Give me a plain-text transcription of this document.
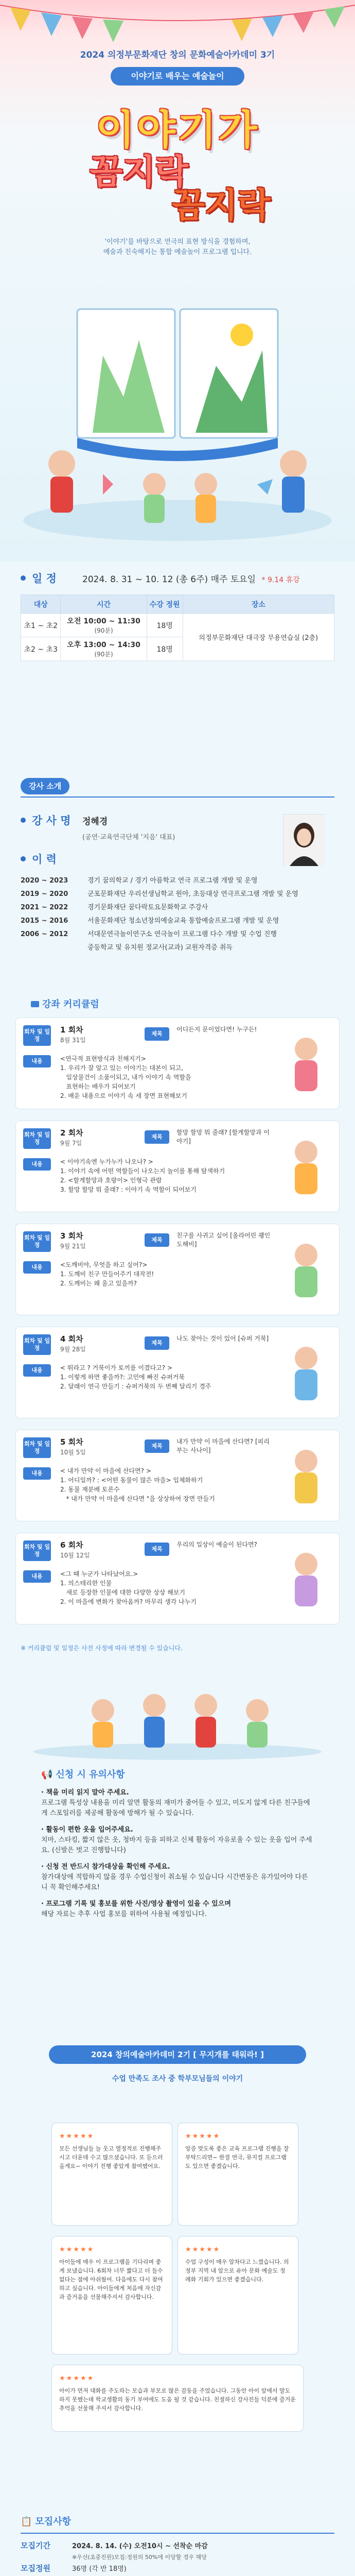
2024 의정부문화재단 창의 문화예술아카데미 3기
이야기로 배우는 예술놀이
이야기가
꼼지락
꼼지락
'이야기'를 바탕으로 연극의 표현 방식을 경험하며,
예술과 친숙해지는 통합 예술놀이 프로그램 입니다.
일 정	2024. 8. 31 ~ 10. 12 (총 6주) 매주 토요일 * 9.14 휴강
대상	시간	수강 정원	장소
초1 ~ 초2	오전 10:00 ~ 11:30
(90분)	18명	의정부문화재단 대극장 무용연습실 (2층)
초2 ~ 초3	오후 13:00 ~ 14:30
(90분)	18명	
강사 소개
강 사 명 정혜경
(공연·교육연극단체 '지음' 대표)
이 력
2020 ~ 2023	경기 꿈의학교 / 경기 아름학교 연극 프로그램 개발 및 운영
2019 ~ 2020	군포문화재단 우리선생님학교 원아, 초등대상 연극프로그램 개발 및 운영
2021 ~ 2022	경기문화재단 꿈다락토요문화학교 주강사
2015 ~ 2016	서울문화재단 청소년창의예술교육 통합예술프로그램 개발 및 운영
2006 ~ 2012	서대문연극놀이연구소 연극놀이 프로그램 다수 개발 및 수업 진행
중등학교 및 유치원 정교사(교과) 교원자격증 취득
강좌 커리큘럼
회차 및 일정
1 회차
8월 31일
제목
어디든지 문이었다면! 누구든!
내용	<연극적 표현방식과 친해지기>
1. 우리가 잘 알고 있는 이야기는 대본이 되고,
일상물건이 소품이되고, 내가 이야기 속 역할을
표현하는 배우가 되어보기
2. 배운 내용으로 이야기 속 세 장면 표현해보기
회차 및 일정
2 회차
9월 7일
제목
할망 할망 뭐 줄래? [할게할망과 이야기]
내용	< 이야기속엔 누가누가 나오나? >
1. 이야기 속에 어떤 역할들이 나오는지 놀이를 통해 탐색하기
2. <할게할망과 호랑이> 인형극 관람
3. 할망 할망 뭐 줄래? : 이야기 속 역할이 되어보기
회차 및 일정
3 회차
9월 21일
제목
친구를 사귀고 싶어 [올라어린 괭인도해비]
내용	<도깨비야, 무엇을 하고 싶어?>
1. 도깨비 친구 만들어주기 대작전!
2. 도깨비는 왜 울고 있을까?
회차 및 일정
4 회차
9월 28일
제목
나도 찾아는 것이 있어 [슈퍼 거북]
내용	< 뛰라고 ? 거북이가 토끼를 이겼다고? >
1. 이렇게 하면 좋을까?: 고민에 빠진 슈퍼거북
2. 달래이 연극 만들기 : 슈퍼거북의 두 번째 달리기 경주
회차 및 일정
5 회차
10월 5일
제목
내가 만약 이 마을에 산다면? [피리부는 사나이]
내용	< 내가 만약 이 마을에 산다면? >
1. 어디일까? : <어떤 동물이 많은 마을> 입체화하기
2. 동물 재분배 토론수
* 내가 만약 이 마을에 산다면 "을 상상하여 장면 만들기
회차 및 일정
6 회차
10월 12일
제목
우리의 일상이 예술이 된다면?
내용	<그 때 누군가 나타났어요.>
1. 의스테리한 인물
새로 등장한 인물에 대한 다양한 상상 해보기
2. 이 마을에 변화가 찾아옴까? 마무리 생각 나누기
※ 커리큘럼 및 일정은 사전 사정에 따라 변경될 수 있습니다.
📢 신청 시 유의사항
· 책을 미리 읽지 말아 주세요.
프로그램 특성상 내용을 미리 알면 활동의 재미가 줄어들 수 있고, 미도지 않게 다른 친구들에게 스포일러를 제공해 활동에 방해가 될 수 있습니다.
· 활동이 편한 옷을 입어주세요.
치마, 스타킹, 짧지 않은 옷, 청바지 등을 피하고 신체 활동이 자유로울 수 있는 옷을 입어 주세요. (신발은 벗고 진행합니다)
· 신청 전 반드시 참가대상을 확인해 주세요.
참가대상에 적합하지 않을 경우 수업신청이 취소될 수 있습니다 시간변동은 유가있어야 다른니 꼭 확인해주세요!
· 프로그램 기록 및 홍보를 위한 사진/영상 촬영이 있을 수 있으며
해당 자료는 추후 사업 홍보를 위하여 사용될 예정입니다.
2024 창의예술아카데미 2기 [ 무지개를 태워라! ]
수업 만족도 조사 중 학부모님들의 이야기
★★★★★
모든 선생님들 늘 웃고 열정적로 진행해주시고 더운데 수고 많으셨습니다. 또 듣으러 올게요~ 이야기 진행 좋았게 참여했어요.
★★★★★
앙증 맞도록 좋은 교육 프로그램 진행을 잘 부탁드리면~ 한결 연극, 뮤지컬 프로그램도 있으면 좋겠습니다.
★★★★★
아이들에 매우 이 프로그램을 기다리며 좋게 보냈습니다. 6회차 너무 짧다고 더 들수 없다는 점에 아쉬웠어. 다음에도 다시 참여하고 싶습니다. 아이들에게 처음에 자신감과 즐거움을 선물해주셔서 감사합니다.
★★★★★
수업 구성이 매우 알차다고 느꼈습니다. 의정부 지역 내 앞으로 유아 문화 예술도 정례화 기회가 있으면 좋겠습니다.
★★★★★
아이가 먼저 대화를 주도하는 모습과 부모로 많은 감동을 주었습니다. 그동안 아이 앞에서 말도 하지 못했는데 학교생활의 동기 부여에도 도움 될 것 같습니다. 친절하신 강사진들 덕분에 즐거운 추억을 선물해 주셔서 감사합니다.
📋 모집사항
모집기간	2024. 8. 14. (수) 오전10시 ~ 선착순 마감
※우선(초중진원)모집:정원의 50%에 이당할 경우 해당
모집정원	36명 (각 반 18명)
